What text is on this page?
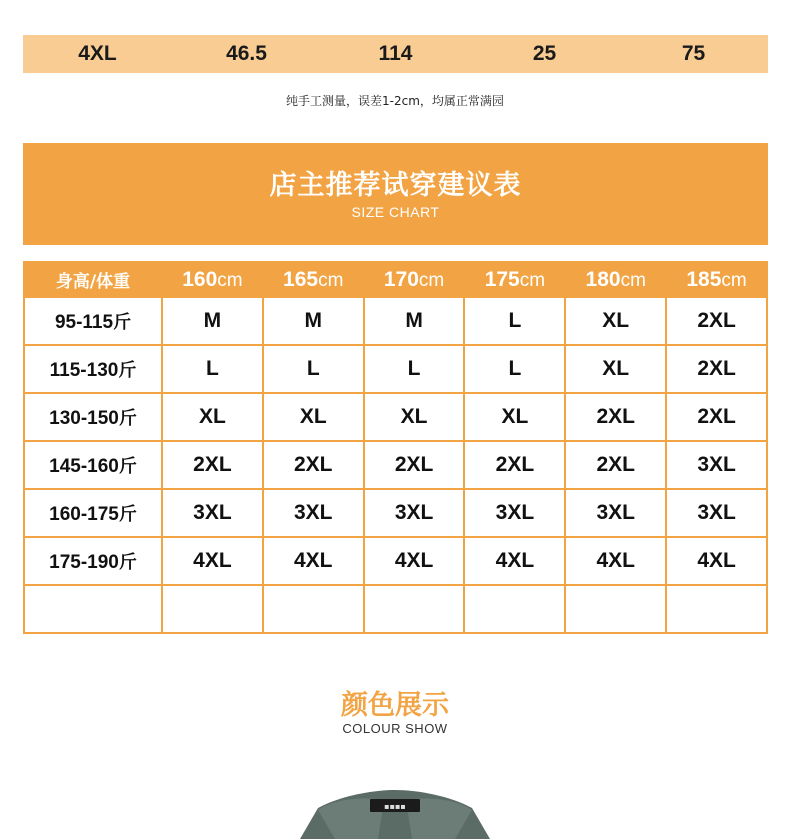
4XL	46.5	114	25	75
纯手工测量，误差1-2cm，均属正常满园
店主推荐试穿建议表
SIZE CHART
身高/体重	160cm	165cm	170cm	175cm	180cm	185cm
95-115斤	M	M	M	L	XL	2XL
115-130斤	L	L	L	L	XL	2XL
130-150斤	XL	XL	XL	XL	2XL	2XL
145-160斤	2XL	2XL	2XL	2XL	2XL	3XL
160-175斤	3XL	3XL	3XL	3XL	3XL	3XL
175-190斤	4XL	4XL	4XL	4XL	4XL	4XL

颜色展示
COLOUR SHOW
▪▪▪▪
